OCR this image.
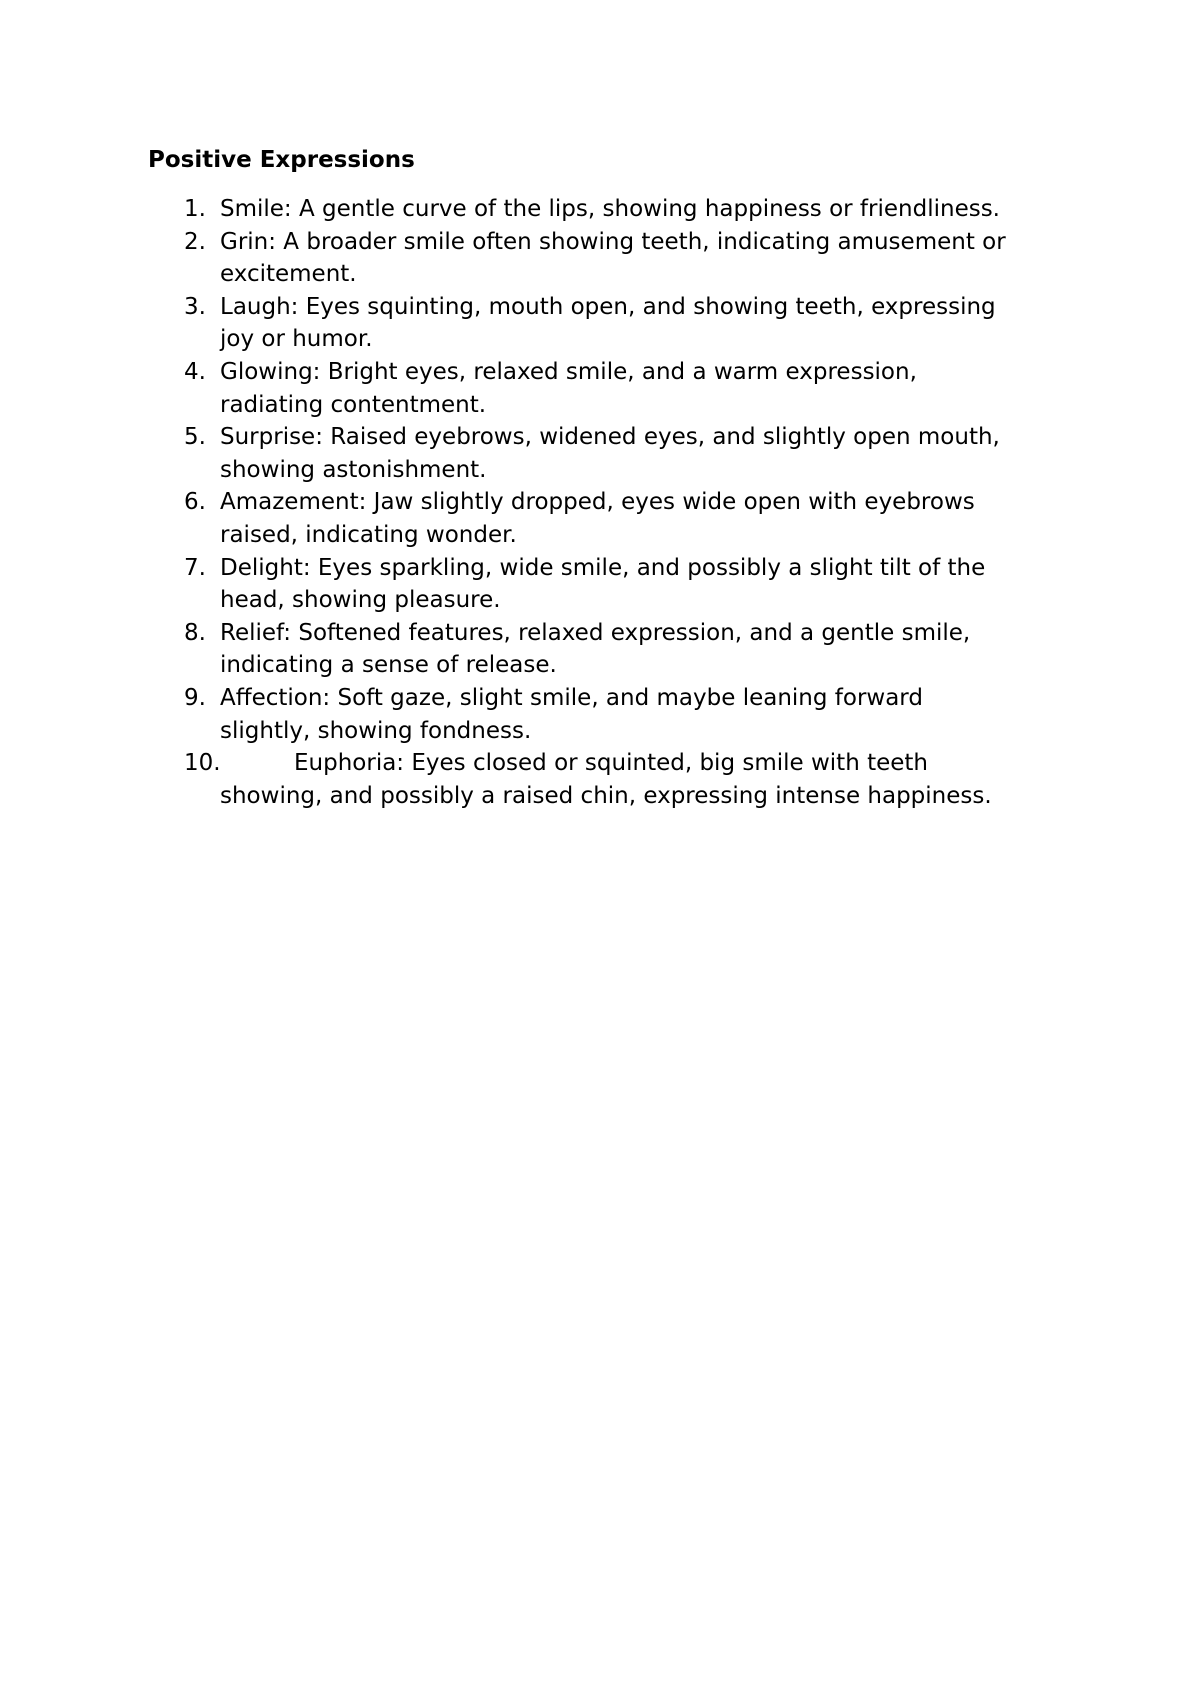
Positive Expressions
1. Smile: A gentle curve of the lips, showing happiness or friendliness.
2. Grin: A broader smile often showing teeth, indicating amusement or
excitement.
3. Laugh: Eyes squinting, mouth open, and showing teeth, expressing
joy or humor.
4. Glowing: Bright eyes, relaxed smile, and a warm expression,
radiating contentment.
5. Surprise: Raised eyebrows, widened eyes, and slightly open mouth,
showing astonishment.
6. Amazement: Jaw slightly dropped, eyes wide open with eyebrows
raised, indicating wonder.
7. Delight: Eyes sparkling, wide smile, and possibly a slight tilt of the
head, showing pleasure.
8. Relief: Softened features, relaxed expression, and a gentle smile,
indicating a sense of release.
9. Affection: Soft gaze, slight smile, and maybe leaning forward
slightly, showing fondness.
10.	Euphoria: Eyes closed or squinted, big smile with teeth
showing, and possibly a raised chin, expressing intense happiness.
